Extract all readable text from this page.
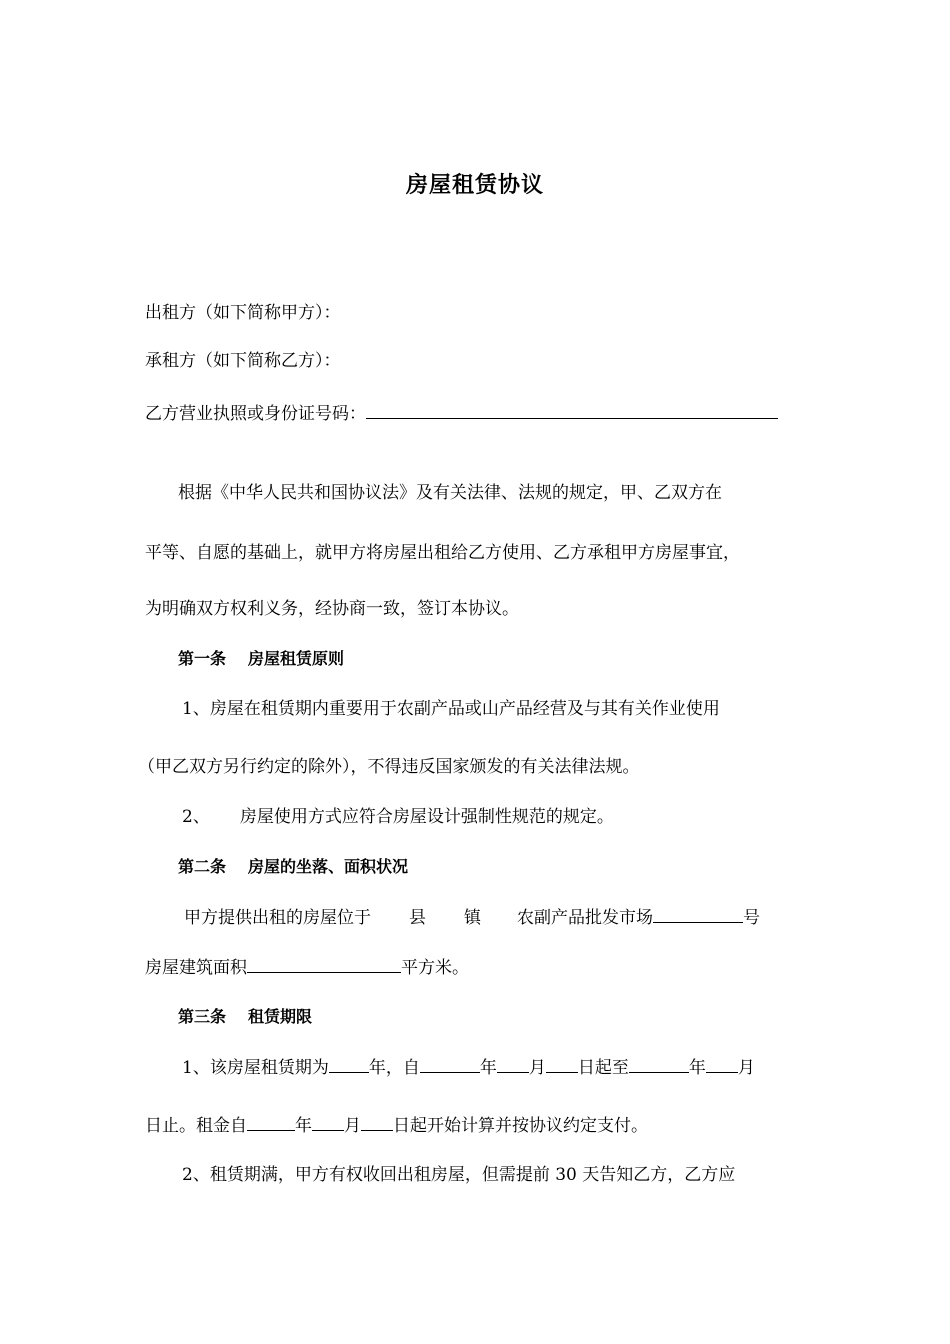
房屋租赁协议
出租方（如下简称甲方）：
承租方（如下简称乙方）：
乙方营业执照或身份证号码：
根据《中华人民共和国协议法》及有关法律、法规的规定，甲、乙双方在
平等、自愿的基础上，就甲方将房屋出租给乙方使用、乙方承租甲方房屋事宜，
为明确双方权利义务，经协商一致，签订本协议。
第一条 房屋租赁原则
1、房屋在租赁期内重要用于农副产品或山产品经营及与其有关作业使用
（甲乙双方另行约定的除外），不得违反国家颁发的有关法律法规。
2、 房屋使用方式应符合房屋设计强制性规范的规定。
第二条 房屋的坐落、面积状况
甲方提供出租的房屋位于 县 镇 农副产品批发市场	号
房屋建筑面积	平方米。
第三条 租赁期限
1、该房屋租赁期为 年，自	年 月 日起至	年 月
日止。租金自	年 月 日起开始计算并按协议约定支付。
2、租赁期满，甲方有权收回出租房屋，但需提前 30 天告知乙方，乙方应
